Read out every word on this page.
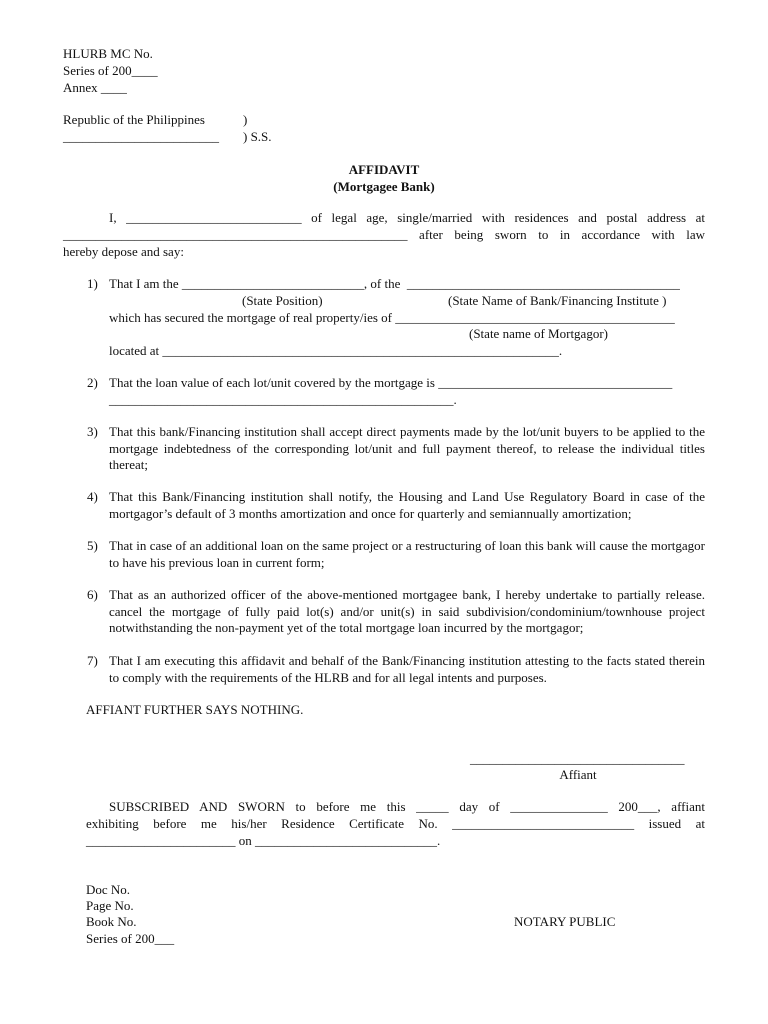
HLURB MC No.
Series of 200____
Annex ____
Republic of the Philippines	)
________________________ ) S.S.
AFFIDAVIT
(Mortgagee Bank)
I, ___________________________ of legal age, single/married with residences and postal address at
_____________________________________________________ after being sworn to in accordance with law
hereby depose and say:
1) That I am the ____________________________, of the  __________________________________________
(State Position)	(State Name of Bank/Financing Institute )
which has secured the mortgage of real property/ies of ___________________________________________
(State name of Mortgagor)
located at _____________________________________________________________.
2) That the loan value of each lot/unit covered by the mortgage is ____________________________________
_____________________________________________________.
3) That this bank/Financing institution shall accept direct payments made by the lot/unit buyers to be applied to the mortgage indebtedness of the corresponding lot/unit and full payment thereof, to release the individual titles thereat;
4) That this Bank/Financing institution shall notify, the Housing and Land Use Regulatory Board in case of the mortgagor’s default of 3 months amortization and once for quarterly and semiannually amortization;
5) That in case of an additional loan on the same project or a restructuring of loan this bank will cause the mortgagor to have his previous loan in current form;
6) That as an authorized officer of the above-mentioned mortgagee bank, I hereby undertake to partially release. cancel the mortgage of fully paid lot(s) and/or unit(s) in said subdivision/condominium/townhouse project notwithstanding the non-payment yet of the total mortgage loan incurred by the mortgagor;
7) That I am executing this affidavit and behalf of the Bank/Financing institution attesting to the facts stated therein to comply with the requirements of the HLRB and for all legal intents and purposes.
AFFIANT FURTHER SAYS NOTHING.
_________________________________
Affiant
SUBSCRIBED AND SWORN to before me this _____ day of _______________ 200___, affiant
exhibiting before me his/her Residence Certificate No. ____________________________ issued at
_______________________ on ____________________________.
Doc No.
Page No.
Book No.
Series of 200___
NOTARY PUBLIC
